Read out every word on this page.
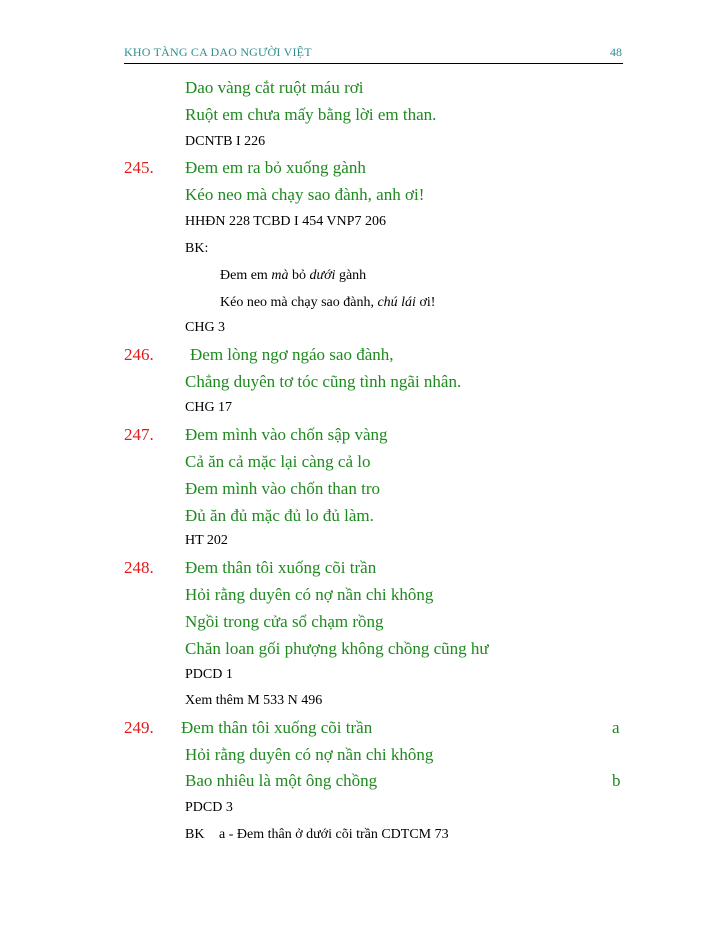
KHO TÀNG CA DAO NGƯỜI VIỆT	48
Dao vàng cắt ruột máu rơi
Ruột em chưa mấy bằng lời em than.
DCNTB I 226
245. Đem em ra bỏ xuống gành
Kéo neo mà chạy sao đành, anh ơi!
HHĐN 228 TCBD I 454 VNP7 206
BK:
Đem em mà bỏ dưới gành
Kéo neo mà chạy sao đành, chú lái ơi!
CHG 3
246. Đem lòng ngơ ngáo sao đành,
Chẳng duyên tơ tóc cũng tình ngãi nhân.
CHG 17
247. Đem mình vào chốn sập vàng
Cả ăn cả mặc lại càng cả lo
Đem mình vào chốn than tro
Đủ ăn đủ mặc đủ lo đủ làm.
HT 202
248. Đem thân tôi xuống cõi trần
Hỏi rằng duyên có nợ nần chi không
Ngồi trong cửa sổ chạm rồng
Chăn loan gối phượng không chồng cũng hư
PDCD 1
Xem thêm M 533 N 496
249. Đem thân tôi xuống cõi trần	a
Hỏi rằng duyên có nợ nần chi không
Bao nhiêu là một ông chồng	b
PDCD 3
BK a - Đem thân ở dưới cõi trần CDTCM 73
